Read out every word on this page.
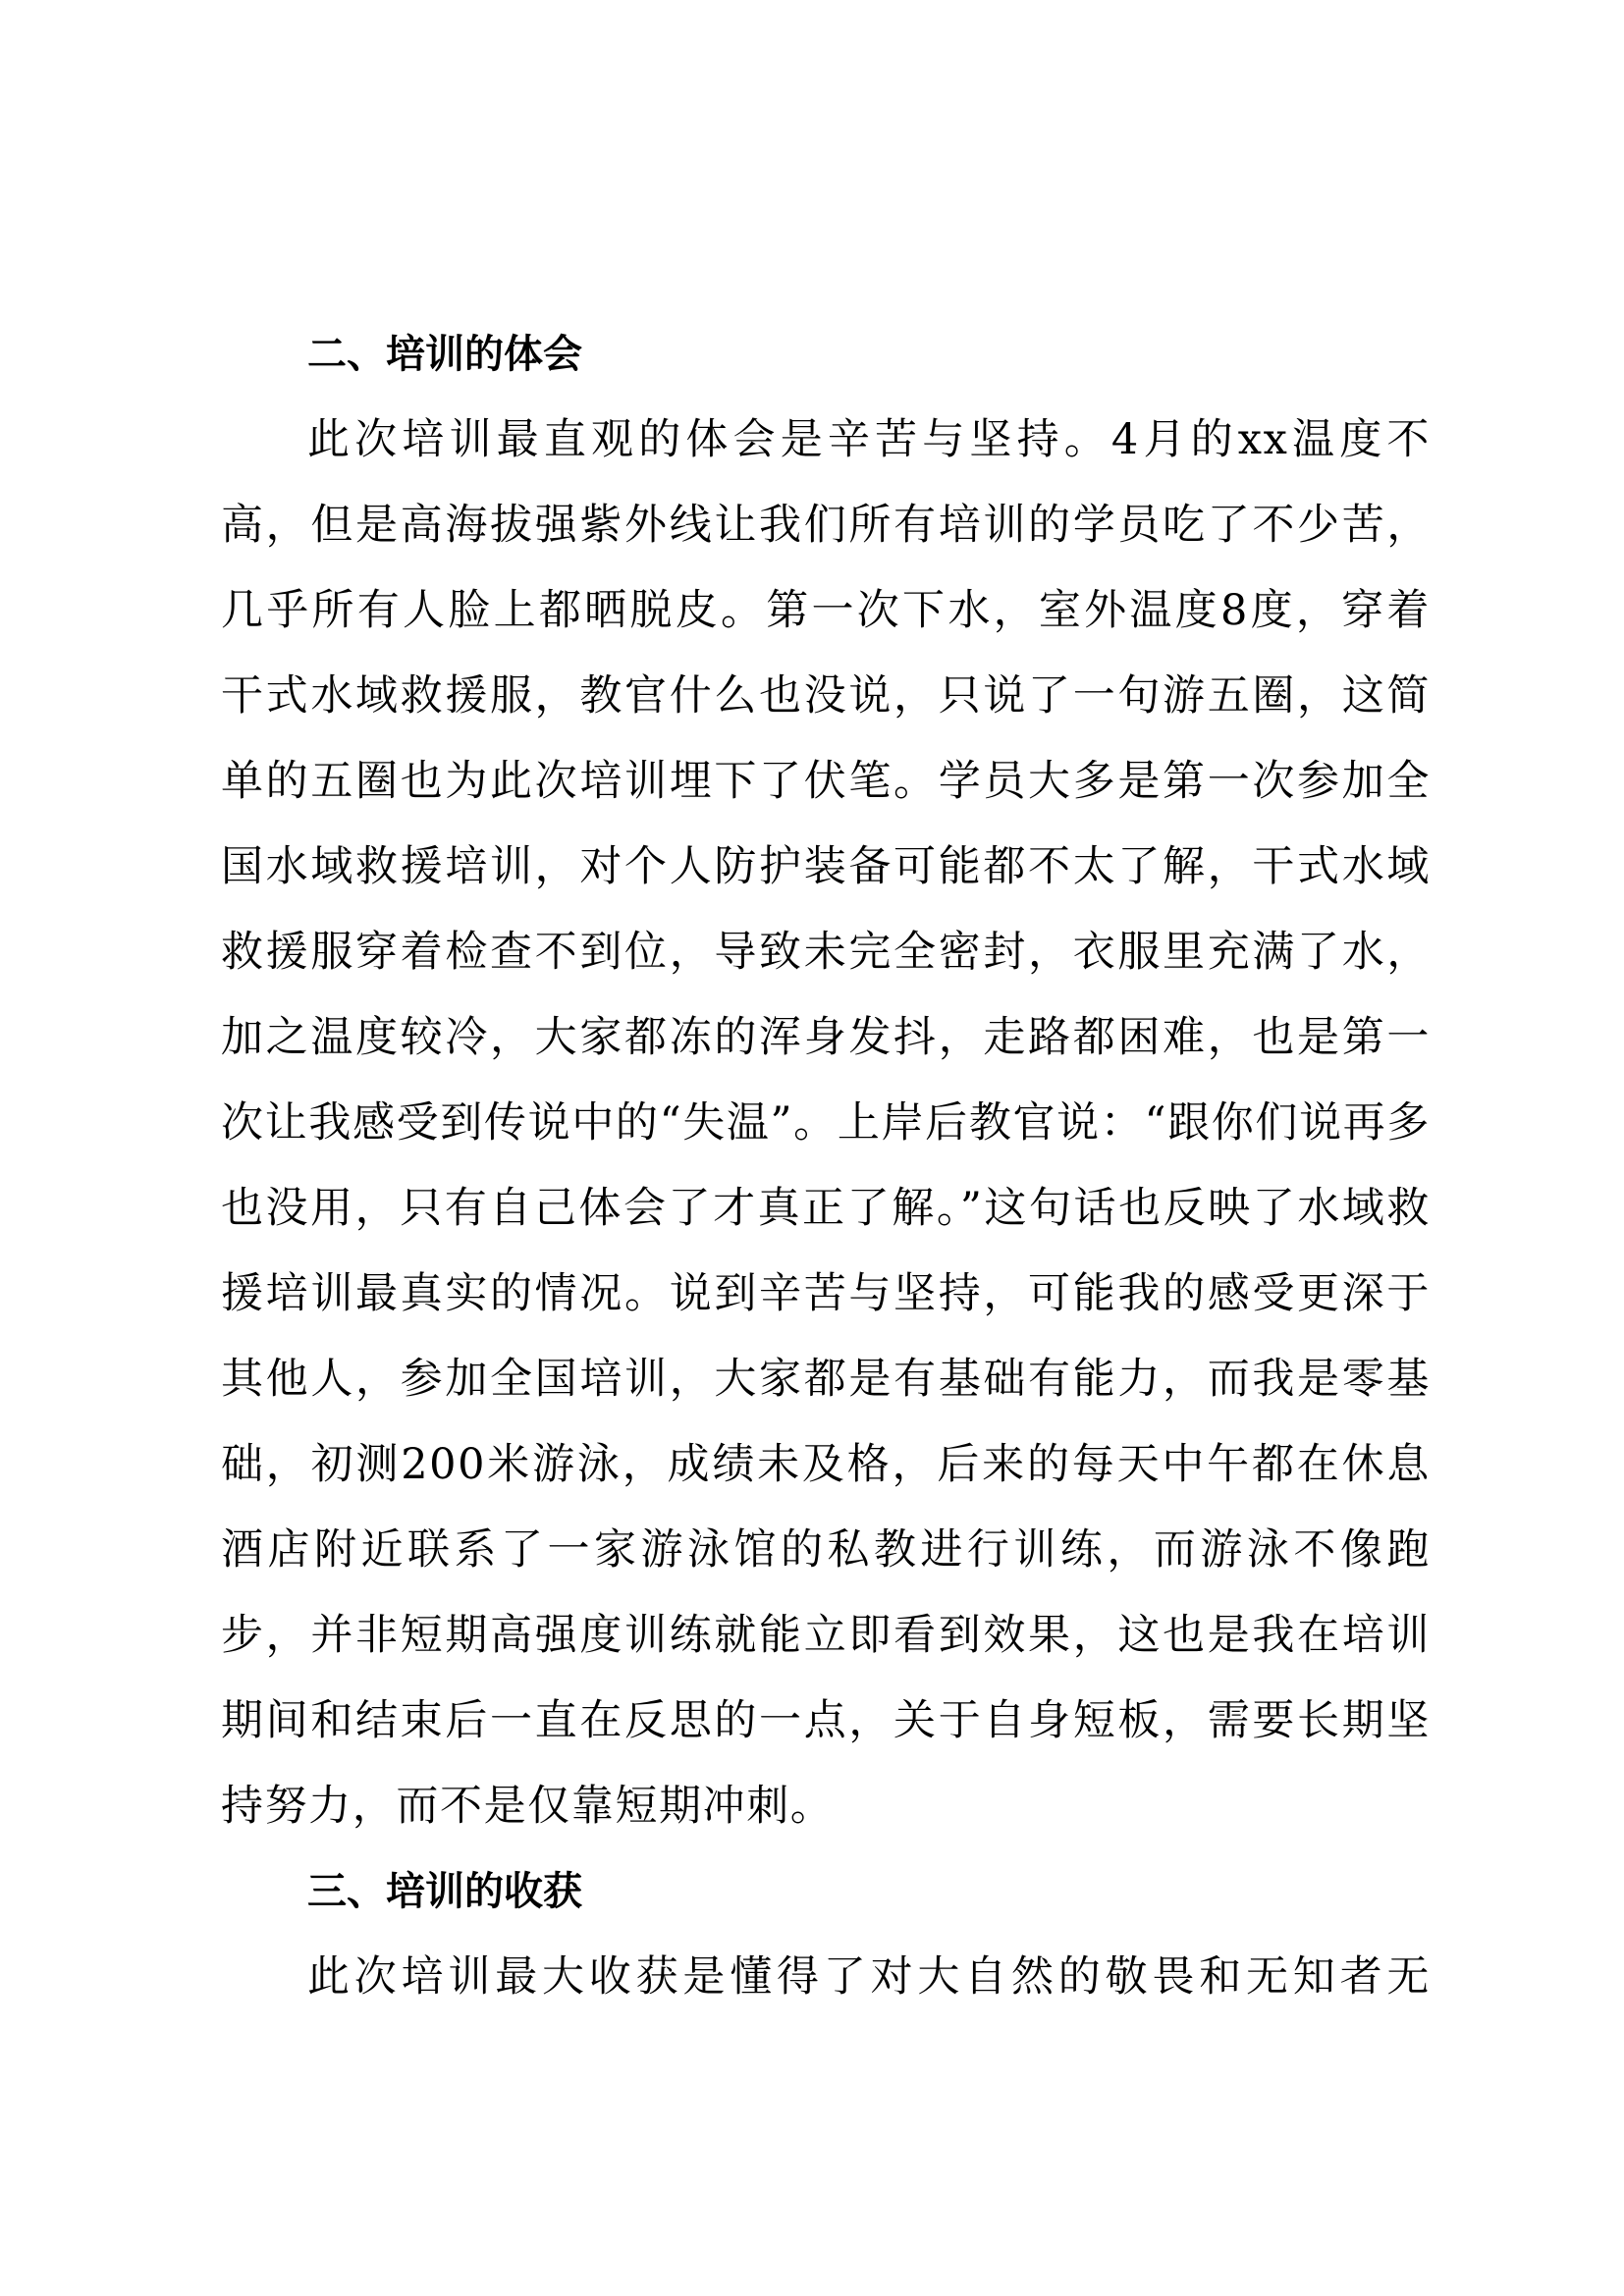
二、培训的体会

此次培训最直观的体会是辛苦与坚持。4月的xx温度不高，但是高海拔强紫外线让我们所有培训的学员吃了不少苦，几乎所有人脸上都晒脱皮。第一次下水，室外温度8度，穿着干式水域救援服，教官什么也没说，只说了一句游五圈，这简单的五圈也为此次培训埋下了伏笔。学员大多是第一次参加全国水域救援培训，对个人防护装备可能都不太了解，干式水域救援服穿着检查不到位，导致未完全密封，衣服里充满了水，加之温度较冷，大家都冻的浑身发抖，走路都困难，也是第一次让我感受到传说中的“失温”。上岸后教官说：“跟你们说再多也没用，只有自己体会了才真正了解。”这句话也反映了水域救援培训最真实的情况。说到辛苦与坚持，可能我的感受更深于其他人，参加全国培训，大家都是有基础有能力，而我是零基础，初测200米游泳，成绩未及格，后来的每天中午都在休息酒店附近联系了一家游泳馆的私教进行训练，而游泳不像跑步，并非短期高强度训练就能立即看到效果，这也是我在培训期间和结束后一直在反思的一点，关于自身短板，需要长期坚持努力，而不是仅靠短期冲刺。

三、培训的收获

此次培训最大收获是懂得了对大自然的敬畏和无知者无
